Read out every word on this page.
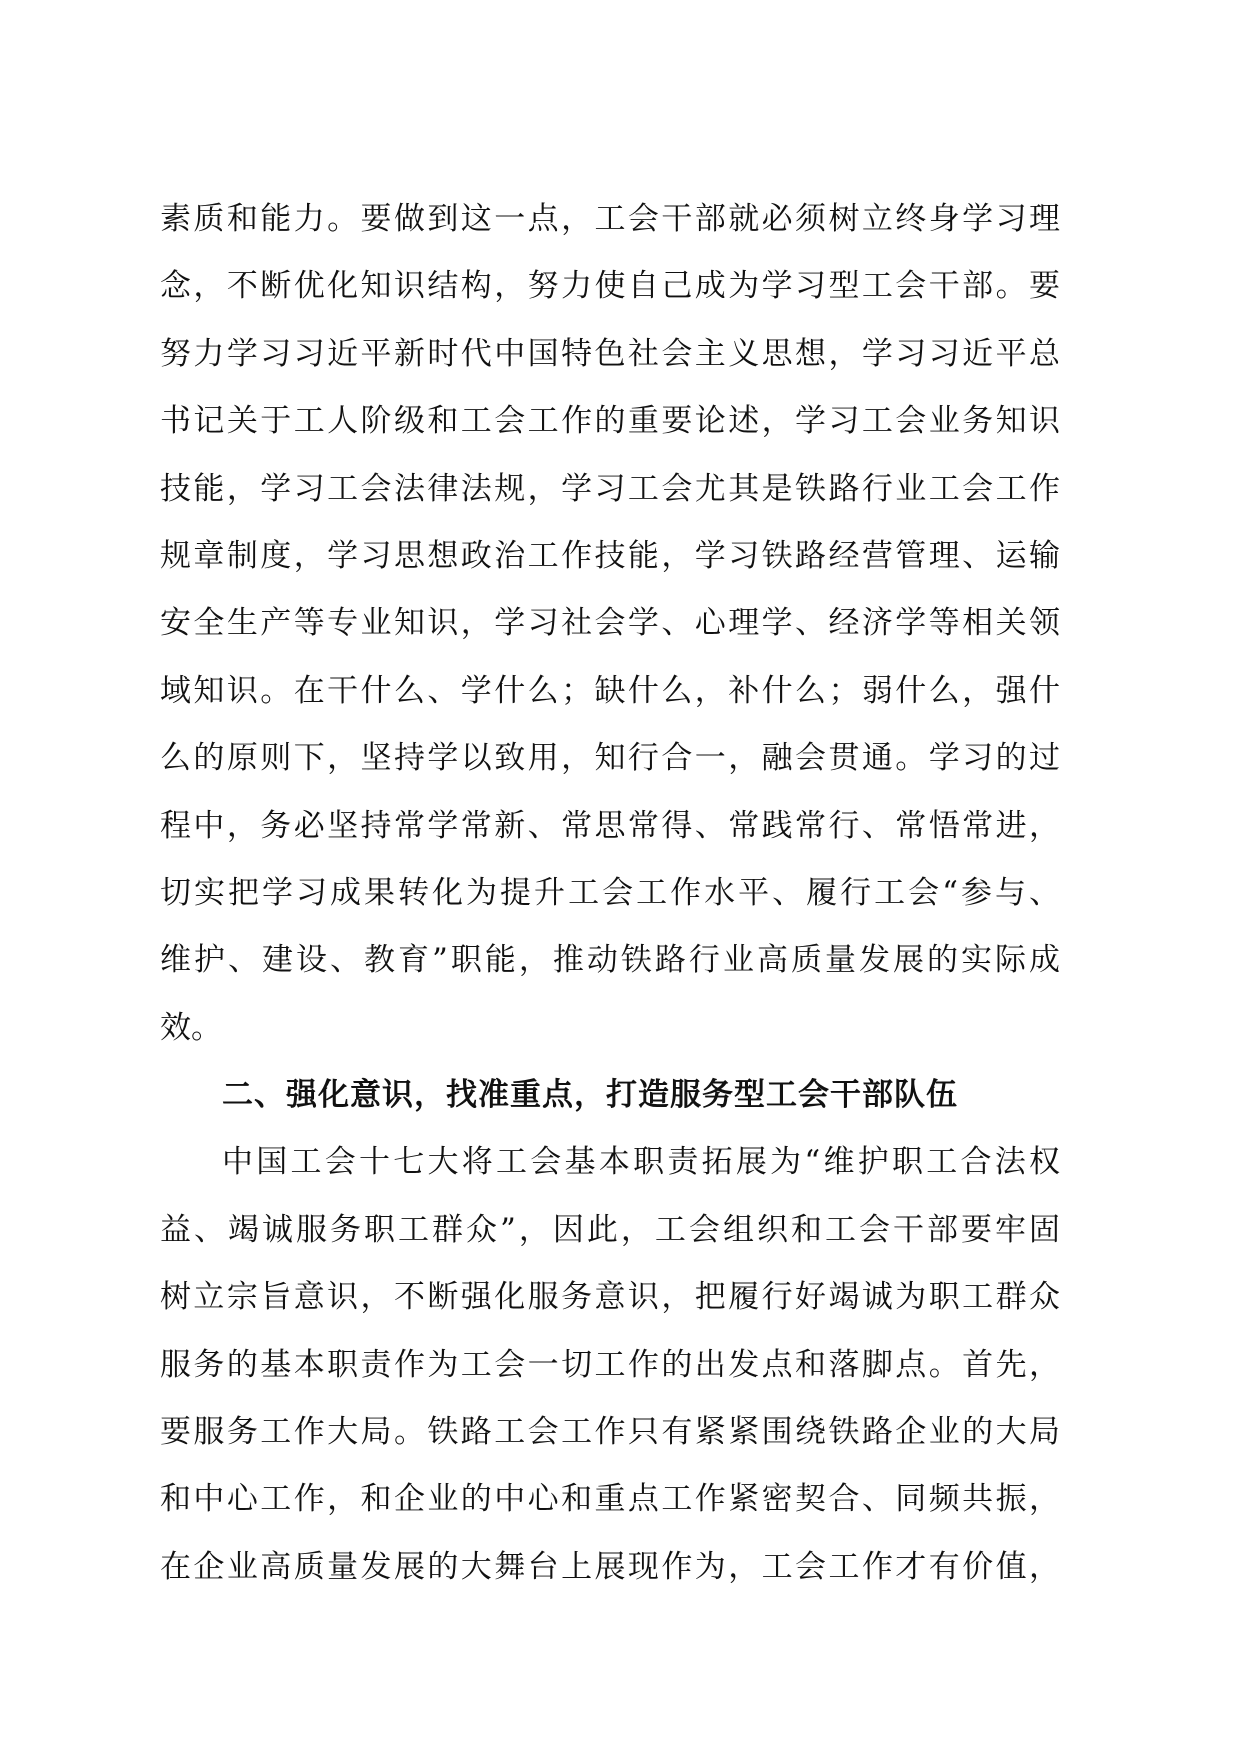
素质和能力。要做到这一点，工会干部就必须树立终身学习理
念，不断优化知识结构，努力使自己成为学习型工会干部。要
努力学习习近平新时代中国特色社会主义思想，学习习近平总
书记关于工人阶级和工会工作的重要论述，学习工会业务知识
技能，学习工会法律法规，学习工会尤其是铁路行业工会工作
规章制度，学习思想政治工作技能，学习铁路经营管理、运输
安全生产等专业知识，学习社会学、心理学、经济学等相关领
域知识。在干什么、学什么；缺什么，补什么；弱什么，强什
么的原则下，坚持学以致用，知行合一，融会贯通。学习的过
程中，务必坚持常学常新、常思常得、常践常行、常悟常进，
切实把学习成果转化为提升工会工作水平、履行工会“参与、
维护、建设、教育”职能，推动铁路行业高质量发展的实际成
效。
二、强化意识，找准重点，打造服务型工会干部队伍
中国工会十七大将工会基本职责拓展为“维护职工合法权
益、竭诚服务职工群众”，因此，工会组织和工会干部要牢固
树立宗旨意识，不断强化服务意识，把履行好竭诚为职工群众
服务的基本职责作为工会一切工作的出发点和落脚点。首先，
要服务工作大局。铁路工会工作只有紧紧围绕铁路企业的大局
和中心工作，和企业的中心和重点工作紧密契合、同频共振，
在企业高质量发展的大舞台上展现作为，工会工作才有价值，
